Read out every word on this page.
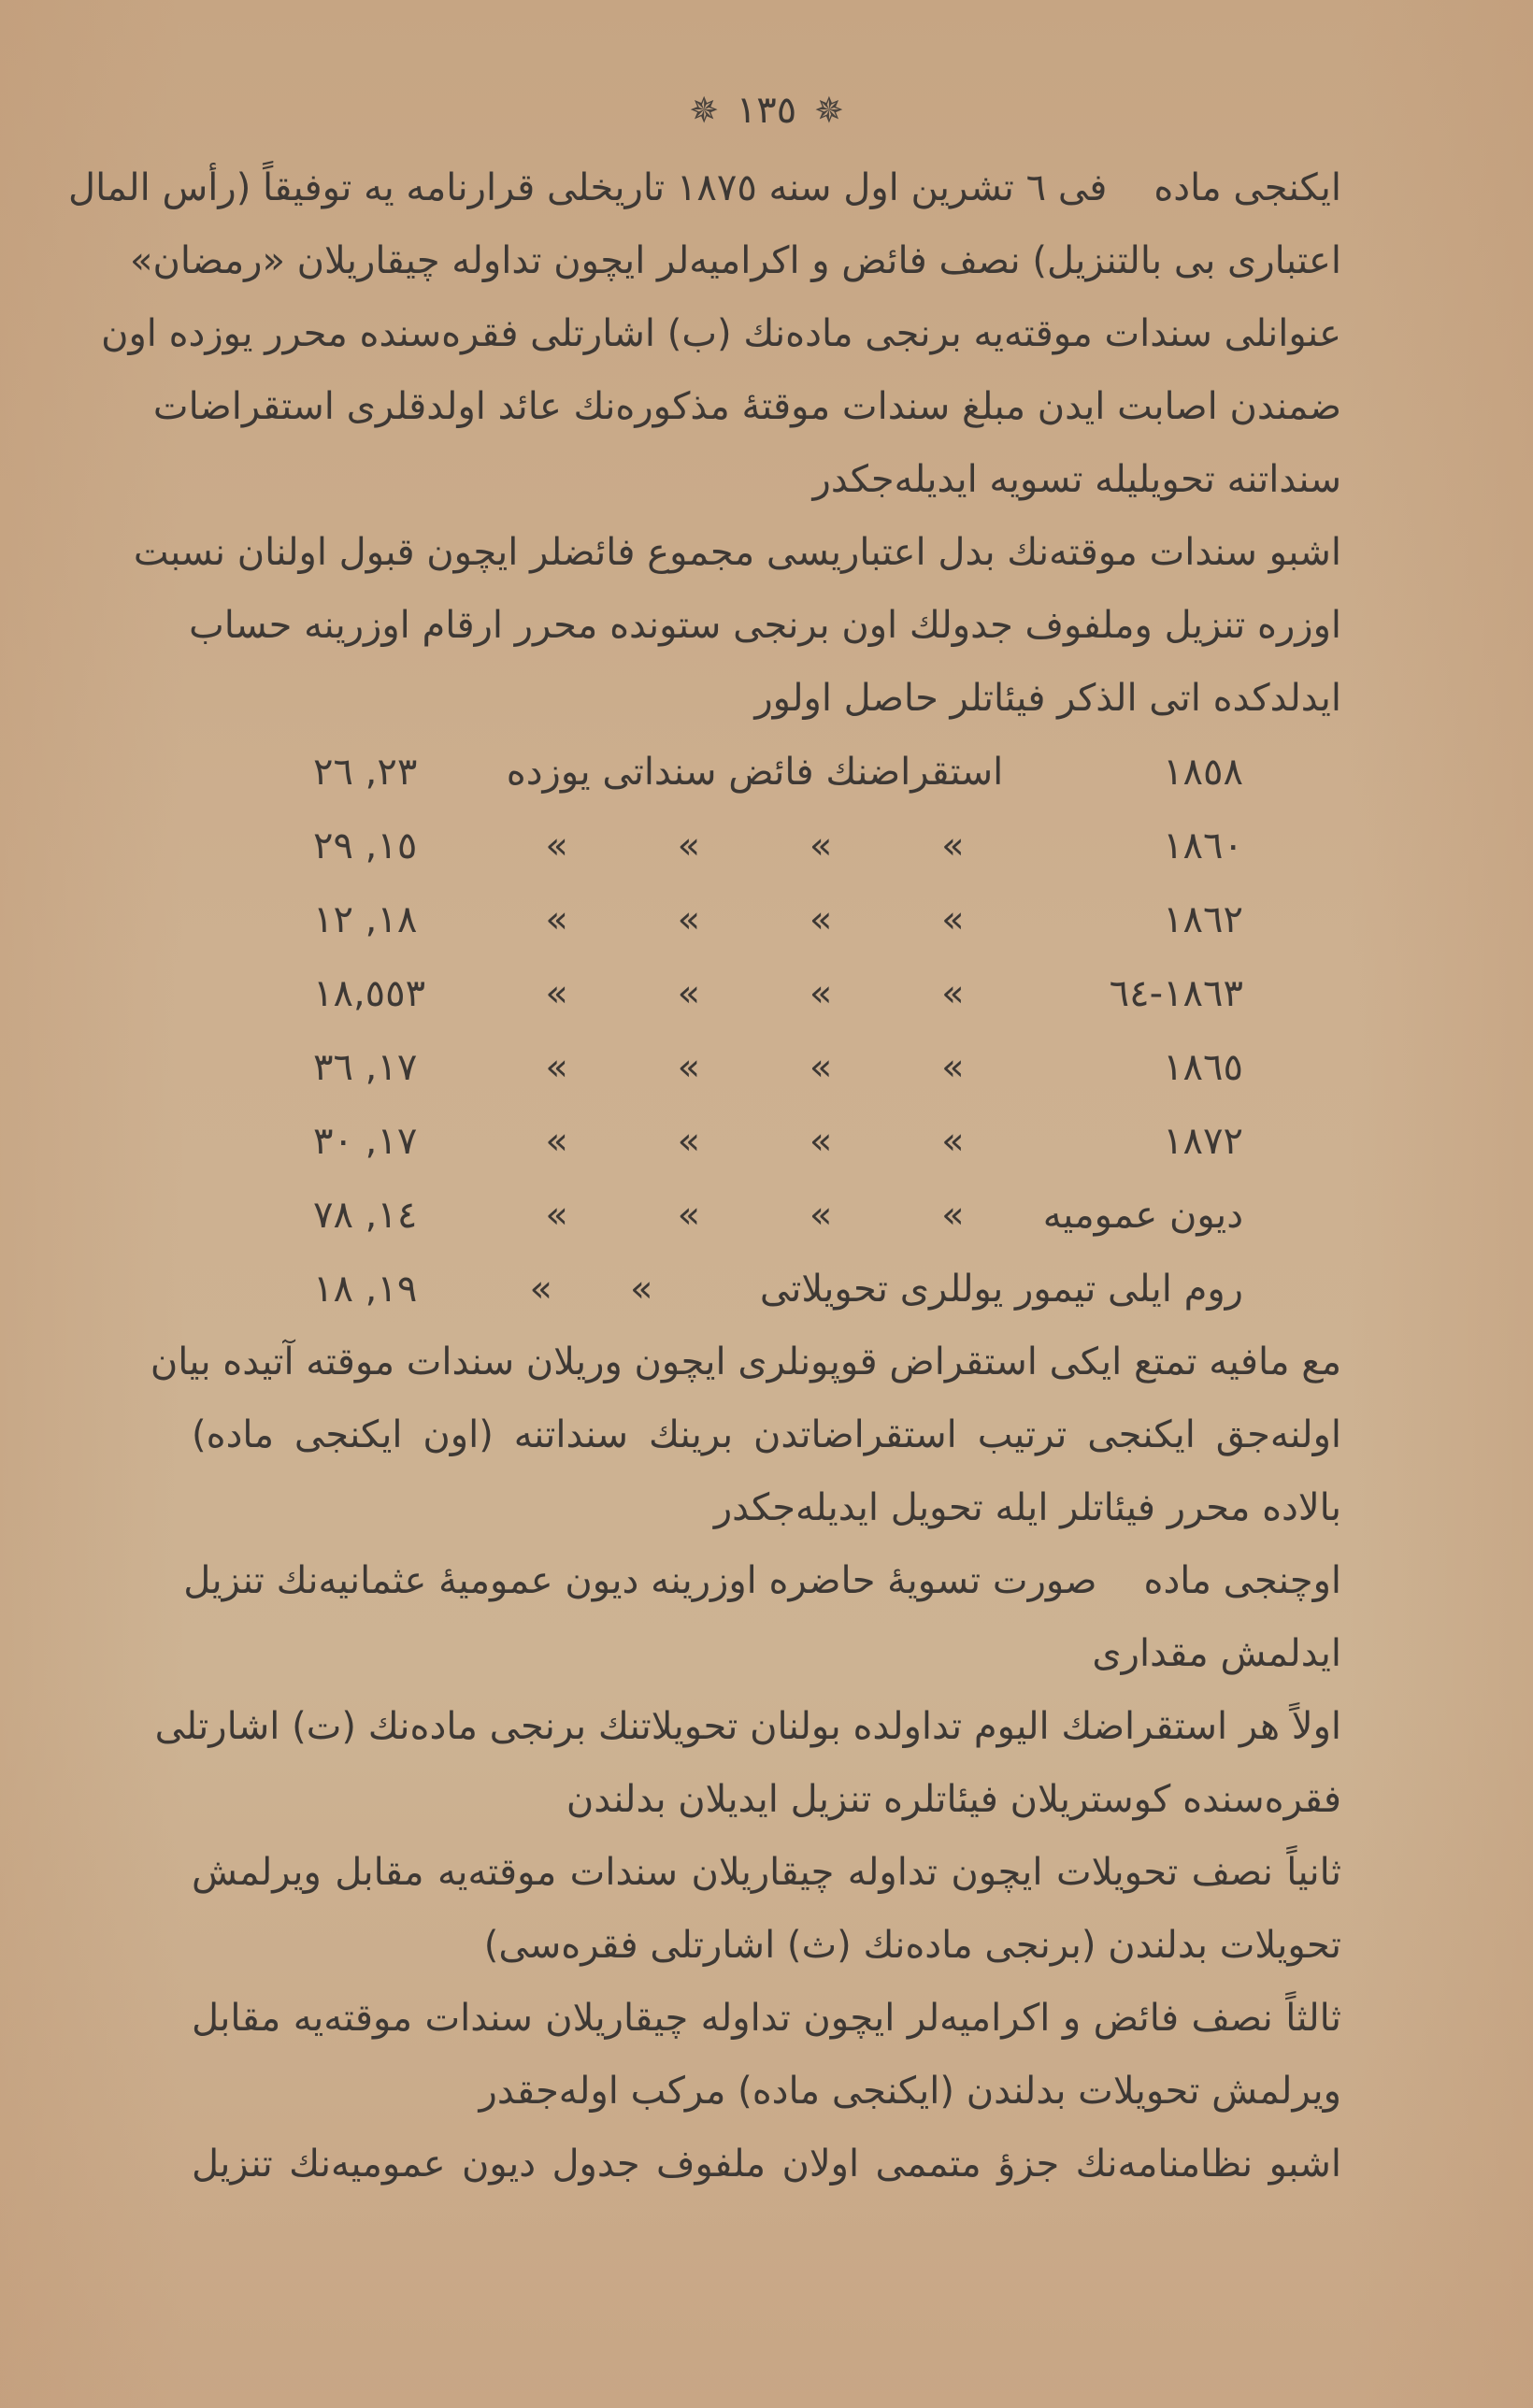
✵ ١٣٥ ✵
ایکنجی مادهفی ٦ تشرین اول سنه ١٨٧٥ تاریخلی قرارنامه یه توفیقاً (رأس المال
اعتباری بی بالتنزیل) نصف فائض و اکرامیه‌لر ایچون تداوله چیقاریلان «رمضان»
عنوانلی سندات موقته‌یه برنجی ماده‌نك (ب) اشارتلی فقره‌سنده محرر یوزده اون
ضمندن اصابت ایدن مبلغ سندات موقتهٔ مذکوره‌نك عائد اولدقلری استقراضات
سنداتنه تحویلیله تسویه ایدیله‌جکدر
اشبو سندات موقته‌نك بدل اعتباریسی مجموع فائضلر ایچون قبول اولنان نسبت
اوزره تنزیل وملفوف جدولك اون برنجی ستونده محرر ارقام اوزرینه حساب
ایدلدکده اتی الذکر فیئاتلر حاصل اولور
١٨٥٨
استقراضنك فائض سنداتی یوزده
٢٣, ٢٦
١٨٦٠
»
»
»
»
١٥, ٢٩
١٨٦٢
»
»
»
»
١٨, ١٢
١٨٦٣-٦٤
»
»
»
»
١٨,٥٥٣
١٨٦٥
»
»
»
»
١٧, ٣٦
١٨٧٢
»
»
»
»
١٧, ٣٠
دیون عمومیه
»
»
»
»
١٤, ٧٨
روم ایلی تیمور یوللری تحویلاتی
»
»
١٩, ١٨
مع مافیه تمتع ایکی استقراض قوپونلری ایچون وریلان سندات موقته آتیده بیان
اولنه‌جق ایکنجی ترتیب استقراضاتدن برینك سنداتنه (اون ایکنجی ماده)
بالاده محرر فیئاتلر ایله تحویل ایدیله‌جکدر
اوچنجی مادهصورت تسویهٔ حاضره اوزرینه دیون عمومیهٔ عثمانیه‌نك تنزیل
ایدلمش مقداری
اولاً هر استقراضك الیوم تداولده بولنان تحویلاتنك برنجی ماده‌نك (ت) اشارتلی
فقره‌سنده کوستریلان فیئاتلره تنزیل ایدیلان بدلندن
ثانیاً نصف تحویلات ایچون تداوله چیقاریلان سندات موقته‌یه مقابل ویرلمش
تحویلات بدلندن (برنجی ماده‌نك (ث) اشارتلی فقره‌سی)
ثالثاً نصف فائض و اکرامیه‌لر ایچون تداوله چیقاریلان سندات موقته‌یه مقابل
ویرلمش تحویلات بدلندن (ایکنجی ماده) مرکب اوله‌جقدر
اشبو نظامنامه‌نك جزؤ متممی اولان ملفوف جدول دیون عمومیه‌نك تنزیل
